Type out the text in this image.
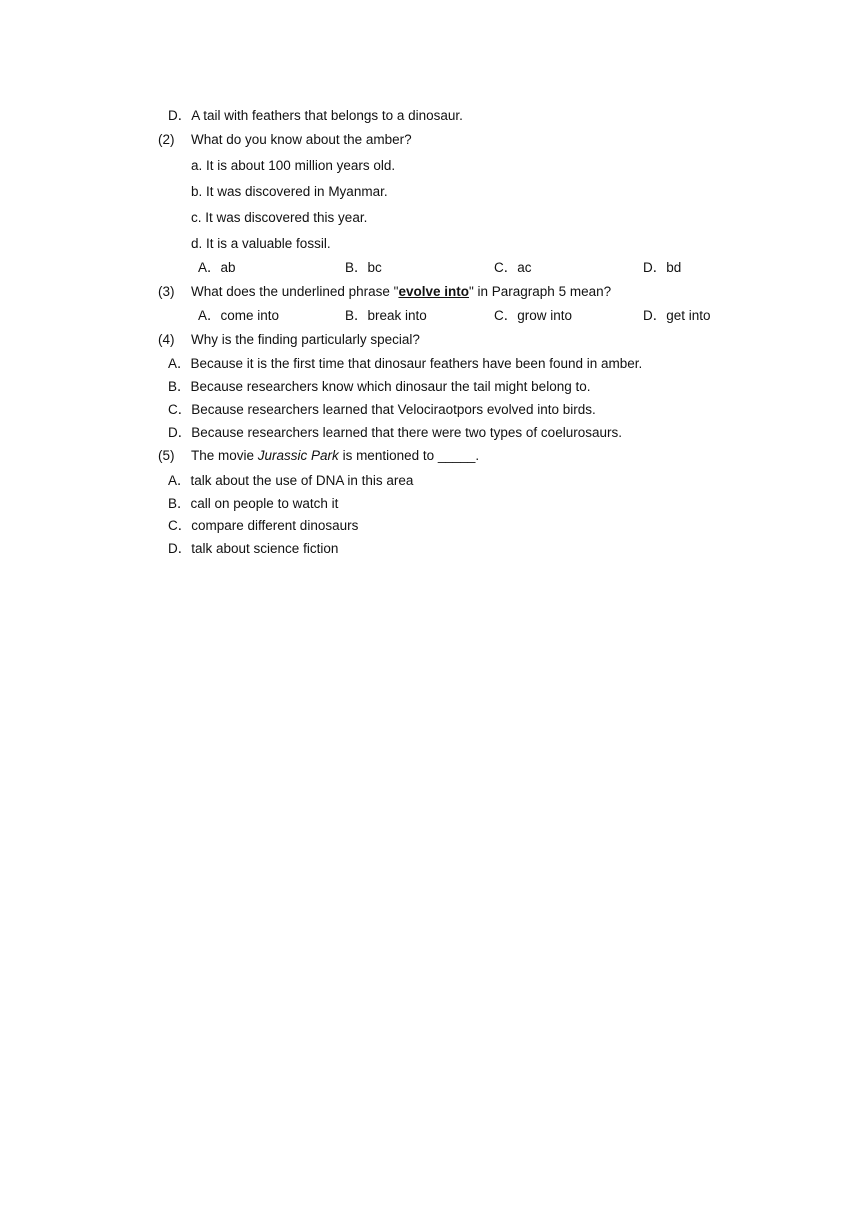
D．A tail with feathers that belongs to a dinosaur.
(2) What do you know about the amber?
a. It is about 100 million years old.
b. It was discovered in Myanmar.
c. It was discovered this year.
d. It is a valuable fossil.
A．ab	B．bc	C．ac	D．bd
(3) What does the underlined phrase "evolve into" in Paragraph 5 mean?
A．come into	B．break into	C．grow into	D．get into
(4) Why is the finding particularly special?
A．Because it is the first time that dinosaur feathers have been found in amber.
B．Because researchers know which dinosaur the tail might belong to.
C．Because researchers learned that Velociraotpors evolved into birds.
D．Because researchers learned that there were two types of coelurosaurs.
(5) The movie Jurassic Park is mentioned to _____.
A．talk about the use of DNA in this area
B．call on people to watch it
C．compare different dinosaurs
D．talk about science fiction
